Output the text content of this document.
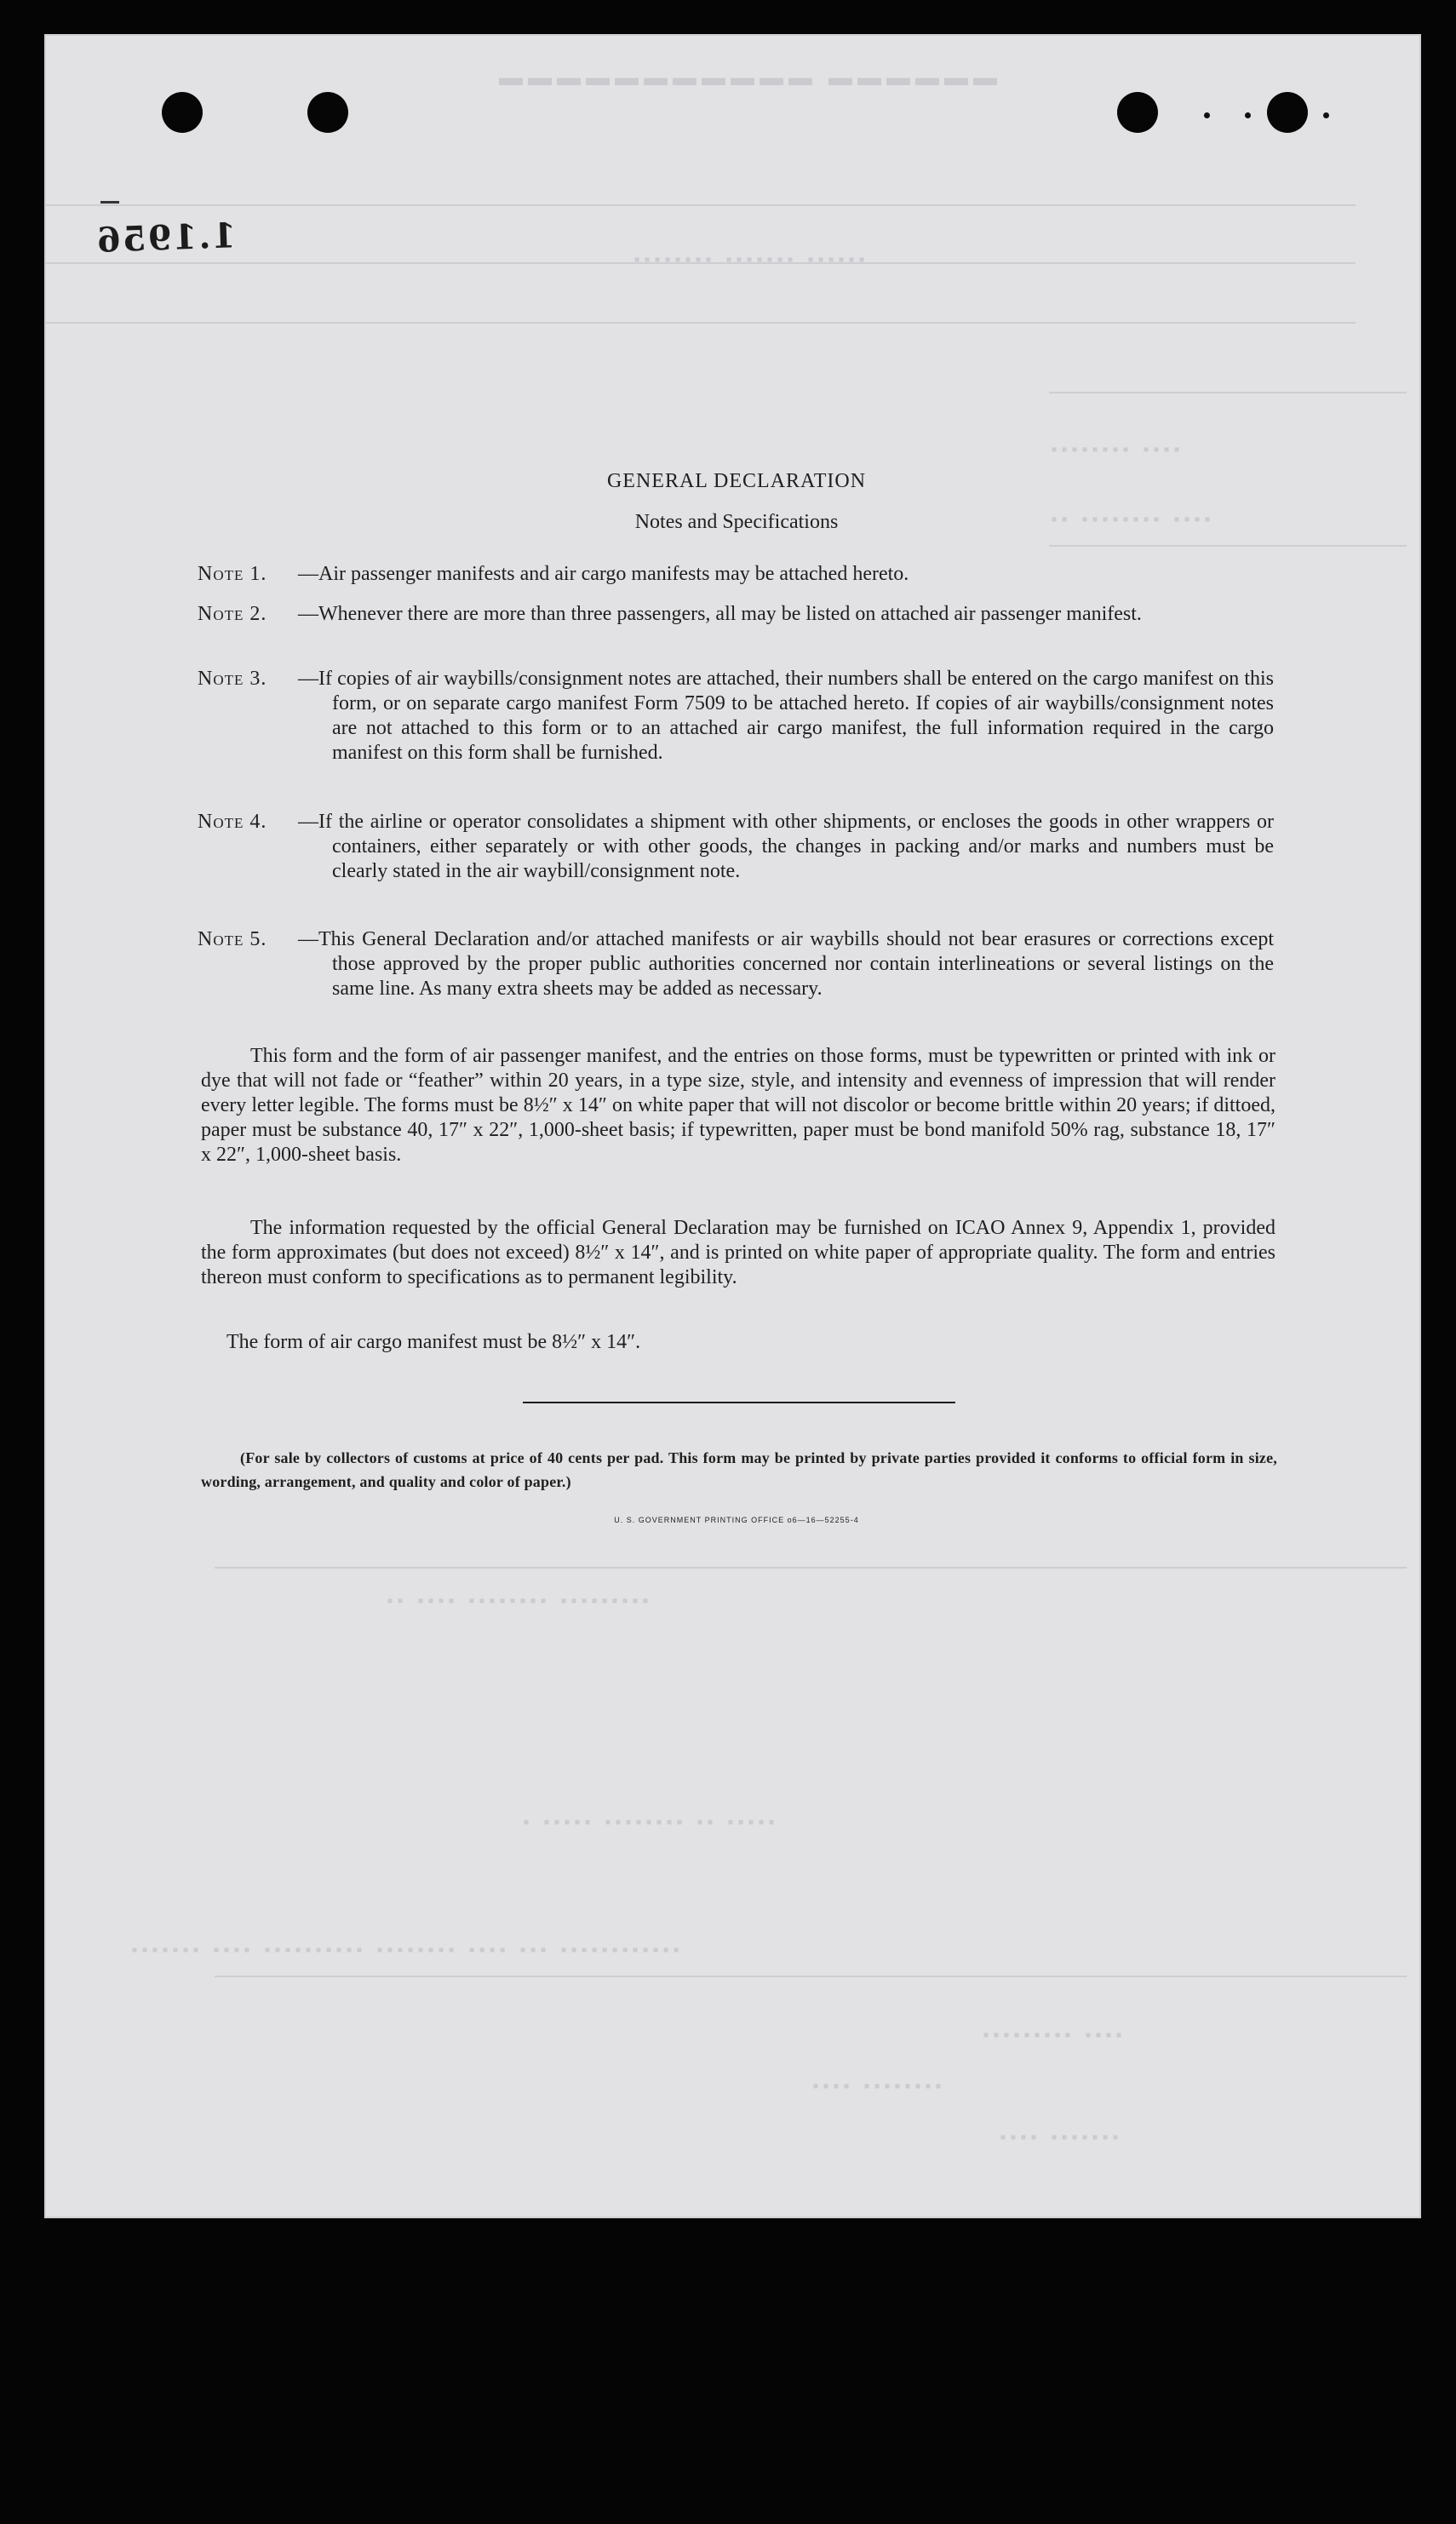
▬▬▬▬▬▬ ▬▬▬▬▬▬▬▬▬▬▬
▪▪▪▪▪▪▪▪ ▪▪▪▪▪▪▪ ▪▪▪▪▪▪
▪▪▪▪▪▪▪▪ ▪▪▪▪
▪▪ ▪▪▪▪▪▪▪▪ ▪▪▪▪
▪▪ ▪▪▪▪ ▪▪▪▪▪▪▪▪ ▪▪▪▪▪▪▪▪▪
▪ ▪▪▪▪▪ ▪▪▪▪▪▪▪▪ ▪▪ ▪▪▪▪▪
▪▪▪▪▪▪▪ ▪▪▪▪ ▪▪▪▪▪▪▪▪▪▪ ▪▪▪▪▪▪▪▪ ▪▪▪▪ ▪▪▪ ▪▪▪▪▪▪▪▪▪▪▪▪
▪▪▪▪▪▪▪▪▪ ▪▪▪▪
▪▪▪▪ ▪▪▪▪▪▪▪▪
▪▪▪▪ ▪▪▪▪▪▪▪
1.1956
GENERAL DECLARATION
Notes and Specifications
Note 1.	—Air passenger manifests and air cargo manifests may be attached hereto.
Note 2.	—Whenever there are more than three passengers, all may be listed on attached air passenger manifest.
Note 3.	—If copies of air waybills/consignment notes are attached, their numbers shall be entered on the cargo manifest on this form, or on separate cargo manifest Form 7509 to be attached hereto. If copies of air waybills/consignment notes are not attached to this form or to an attached air cargo manifest, the full information required in the cargo manifest on this form shall be furnished.
Note 4.	—If the airline or operator consolidates a shipment with other shipments, or encloses the goods in other wrappers or containers, either separately or with other goods, the changes in packing and/or marks and numbers must be clearly stated in the air waybill/consignment note.
Note 5.	—This General Declaration and/or attached manifests or air waybills should not bear erasures or corrections except those approved by the proper public authorities concerned nor contain interlineations or several listings on the same line. As many extra sheets may be added as necessary.
This form and the form of air passenger manifest, and the entries on those forms, must be typewritten or printed with ink or dye that will not fade or “feather” within 20 years, in a type size, style, and intensity and evenness of impression that will render every letter legible. The forms must be 8½″ x 14″ on white paper that will not discolor or become brittle within 20 years; if dittoed, paper must be substance 40, 17″ x 22″, 1,000-sheet basis; if typewritten, paper must be bond manifold 50% rag, substance 18, 17″ x 22″, 1,000-sheet basis.
The information requested by the official General Declaration may be furnished on ICAO Annex 9, Appendix 1, provided the form approximates (but does not exceed) 8½″ x 14″, and is printed on white paper of appropriate quality. The form and entries thereon must conform to specifications as to permanent legibility.
The form of air cargo manifest must be 8½″ x 14″.
(For sale by collectors of customs at price of 40 cents per pad. This form may be printed by private parties provided it conforms to official form in size, wording, arrangement, and quality and color of paper.)
U. S. GOVERNMENT PRINTING OFFICE o6—16—52255-4
